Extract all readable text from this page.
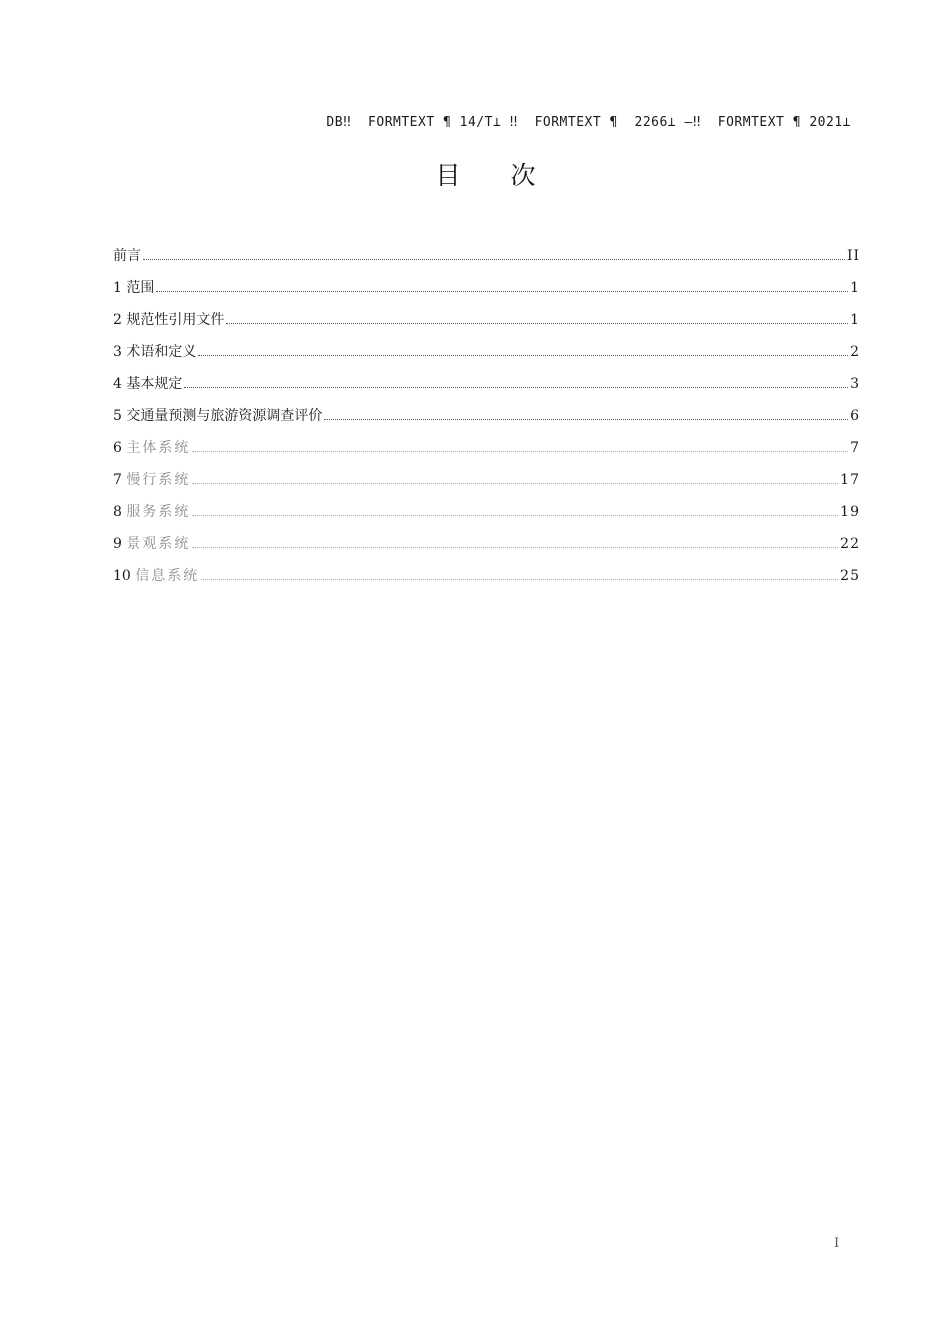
DB‼  FORMTEXT ¶ 14/T⊥ ‼  FORMTEXT ¶  2266⊥ —‼  FORMTEXT ¶ 2021⊥
目 次
前言	II
1 范围	1
2 规范性引用文件	1
3 术语和定义	2
4 基本规定	3
5 交通量预测与旅游资源调查评价	6
6 主体系统	7
7 慢行系统	17
8 服务系统	19
9 景观系统	22
10 信息系统	25
I
